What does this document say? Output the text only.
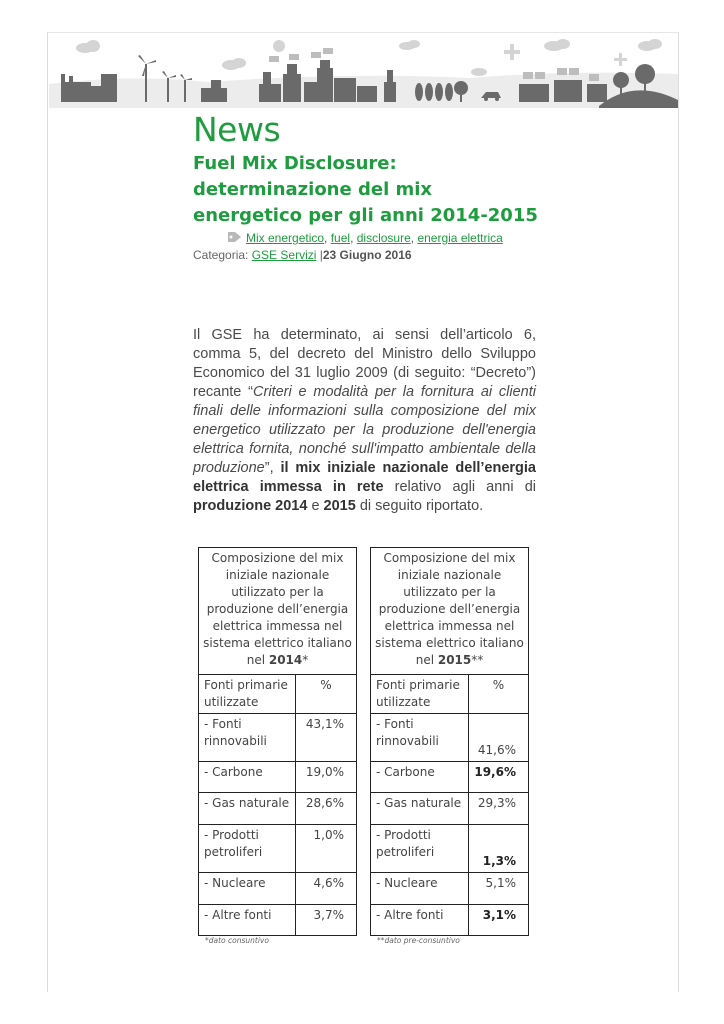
News
Fuel Mix Disclosure: determinazione del mix energetico per gli anni 2014-2015
Mix energetico, fuel, disclosure, energia elettrica
Categoria: GSE Servizi |23 Giugno 2016
Il GSE ha determinato, ai sensi dell’articolo 6, comma 5, del decreto del Ministro dello Sviluppo Economico del 31 luglio 2009 (di seguito: “Decreto”) recante “Criteri e modalità per la fornitura ai clienti finali delle informazioni sulla composizione del mix energetico utilizzato per la produzione dell'energia elettrica fornita, nonché sull'impatto ambientale della produzione”, il mix iniziale nazionale dell’energia elettrica immessa in rete relativo agli anni di produzione 2014 e 2015 di seguito riportato.
Composizione del mix iniziale nazionale utilizzato per la produzione dell’energia elettrica immessa nel sistema elettrico italiano nel 2014*	
Fonti primarie utilizzate	%
- Fonti rinnovabili	43,1%
- Carbone	19,0%
- Gas naturale	28,6%
- Prodotti petroliferi	1,0%
- Nucleare	4,6%
- Altre fonti	3,7%
*dato consuntivo
Composizione del mix iniziale nazionale utilizzato per la produzione dell’energia elettrica immessa nel sistema elettrico italiano nel 2015**	
Fonti primarie utilizzate	%
- Fonti rinnovabili	41,6%
- Carbone	19,6%
- Gas naturale	29,3%
- Prodotti petroliferi	1,3%
- Nucleare	5,1%
- Altre fonti	3,1%
**dato pre-consuntivo
